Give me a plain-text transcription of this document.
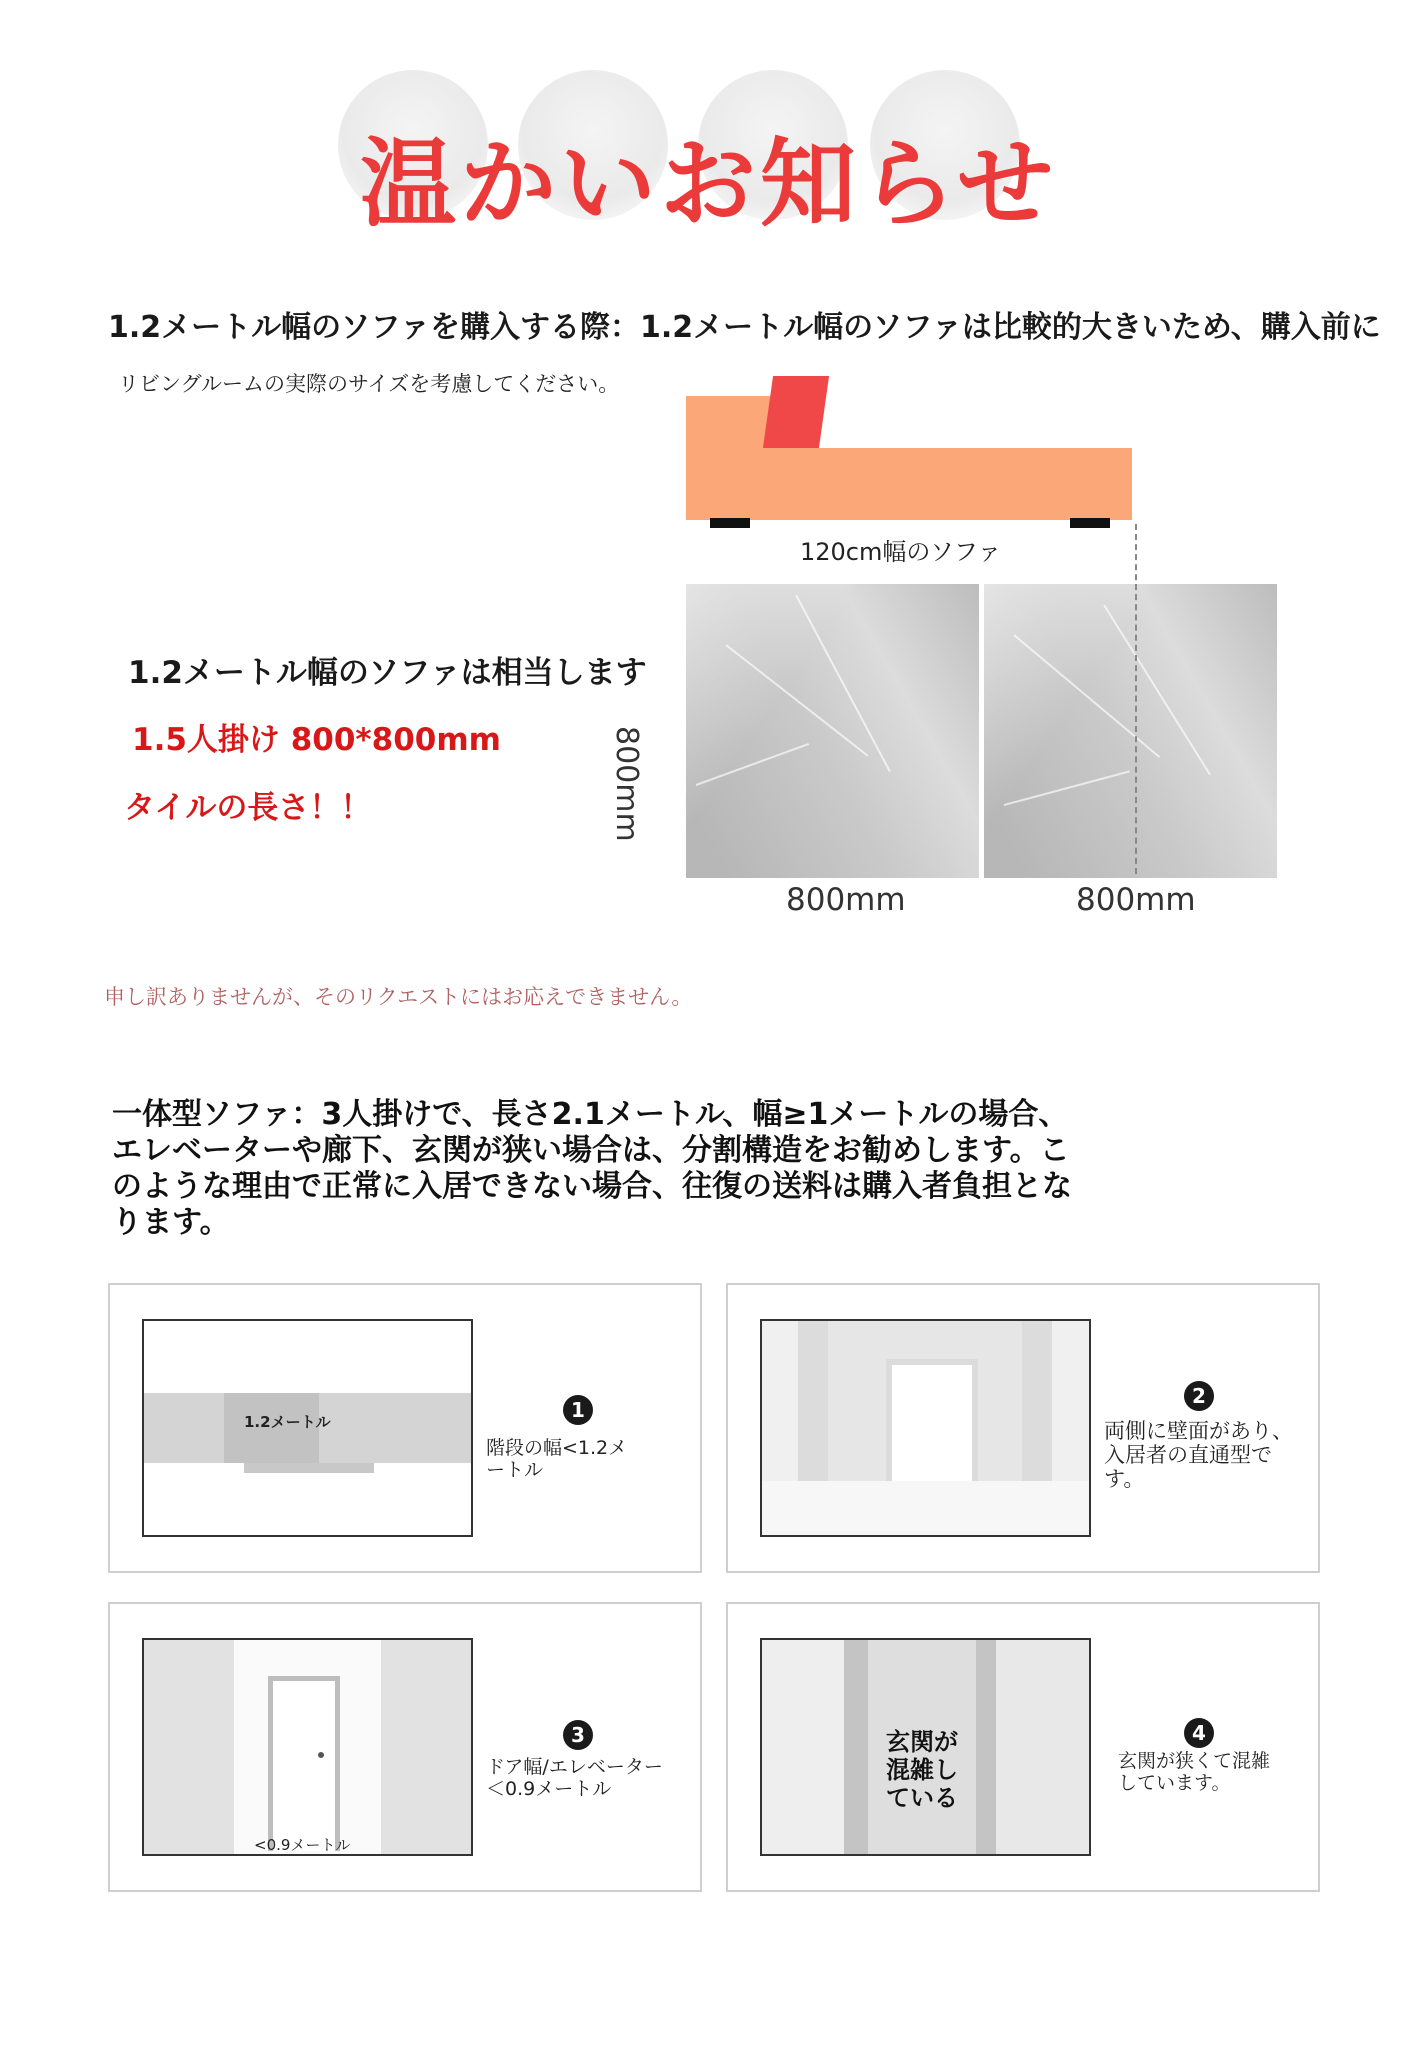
温かいお知らせ
1.2メートル幅のソファを購入する際：1.2メートル幅のソファは比較的大きいため、購入前に
リビングルームの実際のサイズを考慮してください。
120cm幅のソファ
800mm
800mm	800mm
1.2メートル幅のソファは相当します
1.5人掛け 800*800mm
タイルの長さ！！
申し訳ありませんが、そのリクエストにはお応えできません。
一体型ソファ：3人掛けで、長さ2.1メートル、幅≥1メートルの場合、エレベーターや廊下、玄関が狭い場合は、分割構造をお勧めします。このような理由で正常に入居できない場合、往復の送料は購入者負担となります。
1.2メートル	1
階段の幅<1.2メートル
2
両側に壁面があり、入居者の直通型です。
<0.9メートル
3
ドア幅/エレベーター＜0.9メートル
玄関が混雑している
4
玄関が狭くて混雑しています。
